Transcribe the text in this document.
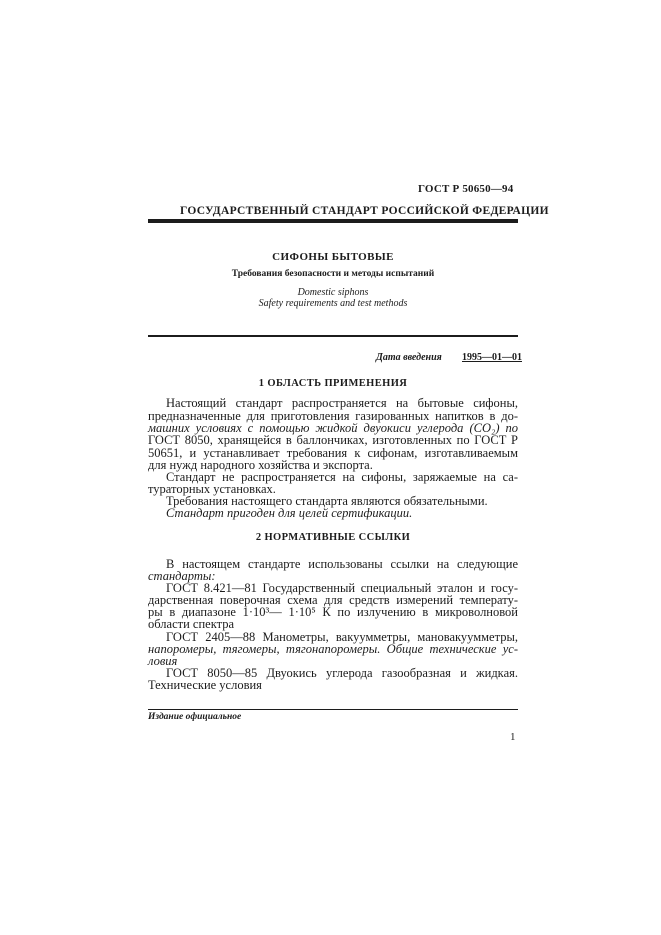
ГОСТ Р 50650—94
ГОСУДАРСТВЕННЫЙ СТАНДАРТ РОССИЙСКОЙ ФЕДЕРАЦИИ
СИФОНЫ БЫТОВЫЕ
Требования безопасности и методы испытаний
Domestic siphons
Safety requirements and test methods
Дата введения 1995—01—01
1 ОБЛАСТЬ ПРИМЕНЕНИЯ
Настоящий стандарт распространяется на бытовые сифоны,
предназначенные для приготовления газированных напитков в до-
машних условиях с помощью жидкой двуокиси углерода (CO₂) по
ГОСТ 8050, хранящейся в баллончиках, изготовленных по ГОСТ Р
50651, и устанавливает требования к сифонам, изготавливаемым
для нужд народного хозяйства и экспорта.
Стандарт не распространяется на сифоны, заряжаемые на са-
тураторных установках.
Требования настоящего стандарта являются обязательными.
Стандарт пригоден для целей сертификации.
2 НОРМАТИВНЫЕ ССЫЛКИ
В настоящем стандарте использованы ссылки на следующие
стандарты:
ГОСТ 8.421—81 Государственный специальный эталон и госу-
дарственная поверочная схема для средств измерений температу-
ры в диапазоне 1·10³— 1·10⁵ К по излучению в микроволновой
области спектра
ГОСТ 2405—88 Манометры, вакуумметры, мановакуумметры,
напоромеры, тягомеры, тягонапоромеры. Общие технические ус-
ловия
ГОСТ 8050—85 Двуокись углерода газообразная и жидкая.
Технические условия
Издание официальное
1
